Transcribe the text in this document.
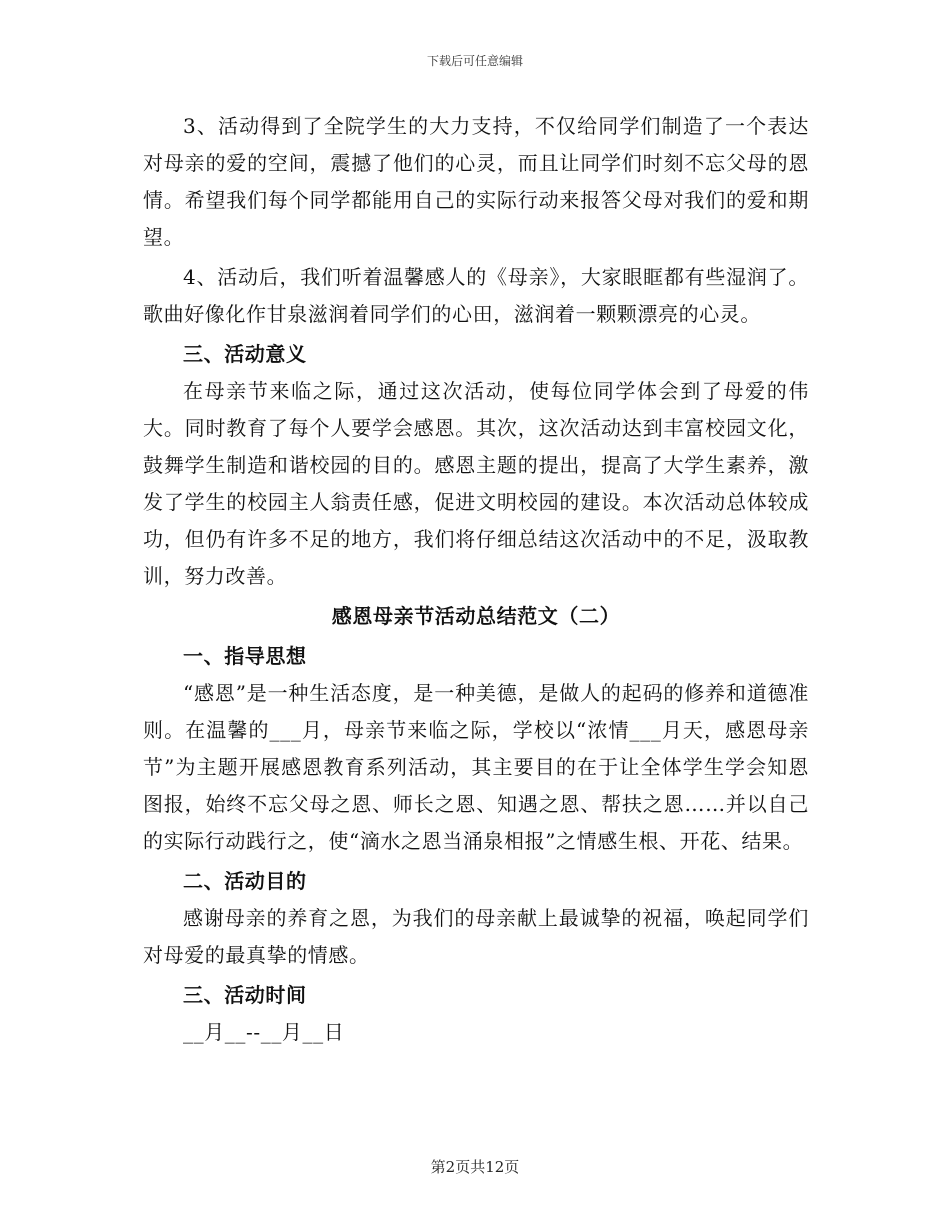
下载后可任意编辑

3、活动得到了全院学生的大力支持，不仅给同学们制造了一个表达对母亲的爱的空间，震撼了他们的心灵，而且让同学们时刻不忘父母的恩情。希望我们每个同学都能用自己的实际行动来报答父母对我们的爱和期望。

4、活动后，我们听着温馨感人的《母亲》，大家眼眶都有些湿润了。歌曲好像化作甘泉滋润着同学们的心田，滋润着一颗颗漂亮的心灵。

三、活动意义

在母亲节来临之际，通过这次活动，使每位同学体会到了母爱的伟大。同时教育了每个人要学会感恩。其次，这次活动达到丰富校园文化，鼓舞学生制造和谐校园的目的。感恩主题的提出，提高了大学生素养，激发了学生的校园主人翁责任感，促进文明校园的建设。本次活动总体较成功，但仍有许多不足的地方，我们将仔细总结这次活动中的不足，汲取教训，努力改善。

感恩母亲节活动总结范文（二）

一、指导思想

“感恩”是一种生活态度，是一种美德，是做人的起码的修养和道德准则。在温馨的___月，母亲节来临之际，学校以“浓情___月天，感恩母亲节”为主题开展感恩教育系列活动，其主要目的在于让全体学生学会知恩图报，始终不忘父母之恩、师长之恩、知遇之恩、帮扶之恩……并以自己的实际行动践行之，使“滴水之恩当涌泉相报”之情感生根、开花、结果。

二、活动目的

感谢母亲的养育之恩，为我们的母亲献上最诚挚的祝福，唤起同学们对母爱的最真挚的情感。

三、活动时间

__月__--__月__日

第2页共12页
